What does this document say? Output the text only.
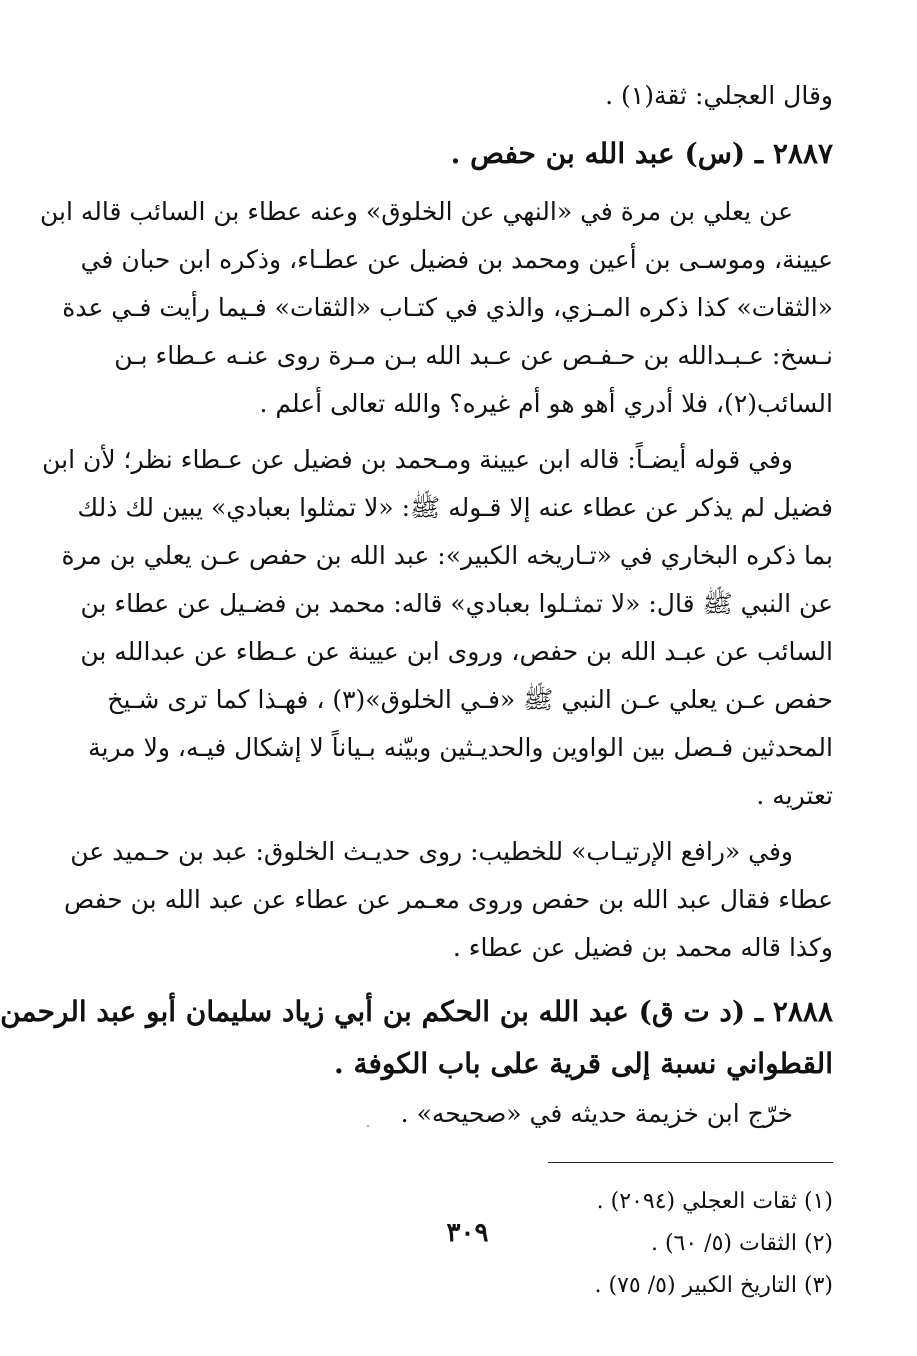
وقال العجلي: ثقة(١) .
٢٨٨٧ ـ (س) عبد الله بن حفص .
عن يعلي بن مرة في «النهي عن الخلوق» وعنه عطاء بن السائب قاله ابن
عيينة، وموسـى بن أعين ومحمد بن فضيل عن عطـاء، وذكره ابن حبان في
«الثقات» كذا ذكره المـزي، والذي في كتـاب «الثقات» فـيما رأيت فـي عدة
نـسخ: عـبـدالله بن حـفـص عن عـبد الله بـن مـرة روى عنـه عـطاء بـن
السائب(٢)، فلا أدري أهو هو أم غيره؟ والله تعالى أعلم .
وفي قوله أيضـاً: قاله ابن عيينة ومـحمد بن فضيل عن عـطاء نظر؛ لأن ابن
فضيل لم يذكر عن عطاء عنه إلا قـوله ﷺ: «لا تمثلوا بعبادي» يبين لك ذلك
بما ذكره البخاري في «تـاريخه الكبير»: عبد الله بن حفص عـن يعلي بن مرة
عن النبي ﷺ قال: «لا تمثـلوا بعبادي» قاله: محمد بن فضـيل عن عطاء بن
السائب عن عبـد الله بن حفص، وروى ابن عيينة عن عـطاء عن عبدالله بن
حفص عـن يعلي عـن النبي ﷺ «فـي الخلوق»(٣) ، فهـذا كما ترى شـيخ
المحدثين فـصل بين الواوين والحديـثين وبيّنه بـياناً لا إشكال فيـه، ولا مرية
تعتريه .
وفي «رافع الإرتيـاب» للخطيب: روى حديـث الخلوق: عبد بن حـميد عن
عطاء فقال عبد الله بن حفص وروى معـمر عن عطاء عن عبد الله بن حفص
وكذا قاله محمد بن فضيل عن عطاء .
٢٨٨٨ ـ (د ت ق) عبد الله بن الحكم بن أبي زياد سليمان أبو عبد الرحمن
القطواني نسبة إلى قرية على باب الكوفة .
خرّج ابن خزيمة حديثه في «صحيحه» .
(١) ثقات العجلي (٢٠٩٤) .
(٢) الثقات (٥/ ٦٠) .
(٣) التاريخ الكبير (٥/ ٧٥) .
٣٠٩
